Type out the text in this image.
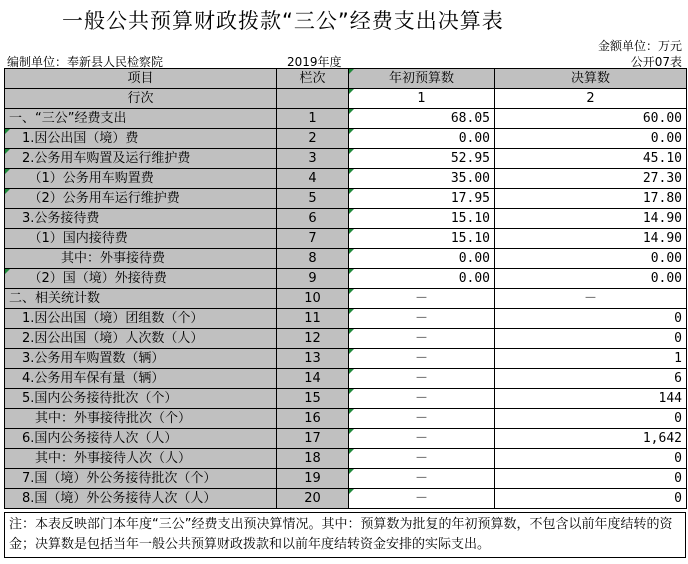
一般公共预算财政拨款“三公”经费支出决算表
金额单位：万元
编制单位：奉新县人民检察院	2019年度	公开07表
项目	栏次	年初预算数	决算数
行次		1	2
一、“三公”经费支出	1	68.05	60.00
　1.因公出国（境）费	2	0.00	0.00
　2.公务用车购置及运行维护费	3	52.95	45.10
　　（1）公务用车购置费	4	35.00	27.30
　　（2）公务用车运行维护费	5	17.95	17.80
　3.公务接待费	6	15.10	14.90
　　（1）国内接待费	7	15.10	14.90
　　　　其中：外事接待费	8	0.00	0.00
　　（2）国（境）外接待费	9	0.00	0.00
二、相关统计数	10	－	－
　1.因公出国（境）团组数（个）	11	－	0
　2.因公出国（境）人次数（人）	12	－	0
　3.公务用车购置数（辆）	13	－	1
　4.公务用车保有量（辆）	14	－	6
　5.国内公务接待批次（个）	15	－	144
　　其中：外事接待批次（个）	16	－	0
　6.国内公务接待人次（人）	17	－	1,642
　　其中：外事接待人次（人）	18	－	0
　7.国（境）外公务接待批次（个）	19	－	0
　8.国（境）外公务接待人次（人）	20	－	0
注：本表反映部门本年度“三公”经费支出预决算情况。其中：预算数为批复的年初预算数，不包含以前年度结转的资金；决算数是包括当年一般公共预算财政拨款和以前年度结转资金安排的实际支出。
